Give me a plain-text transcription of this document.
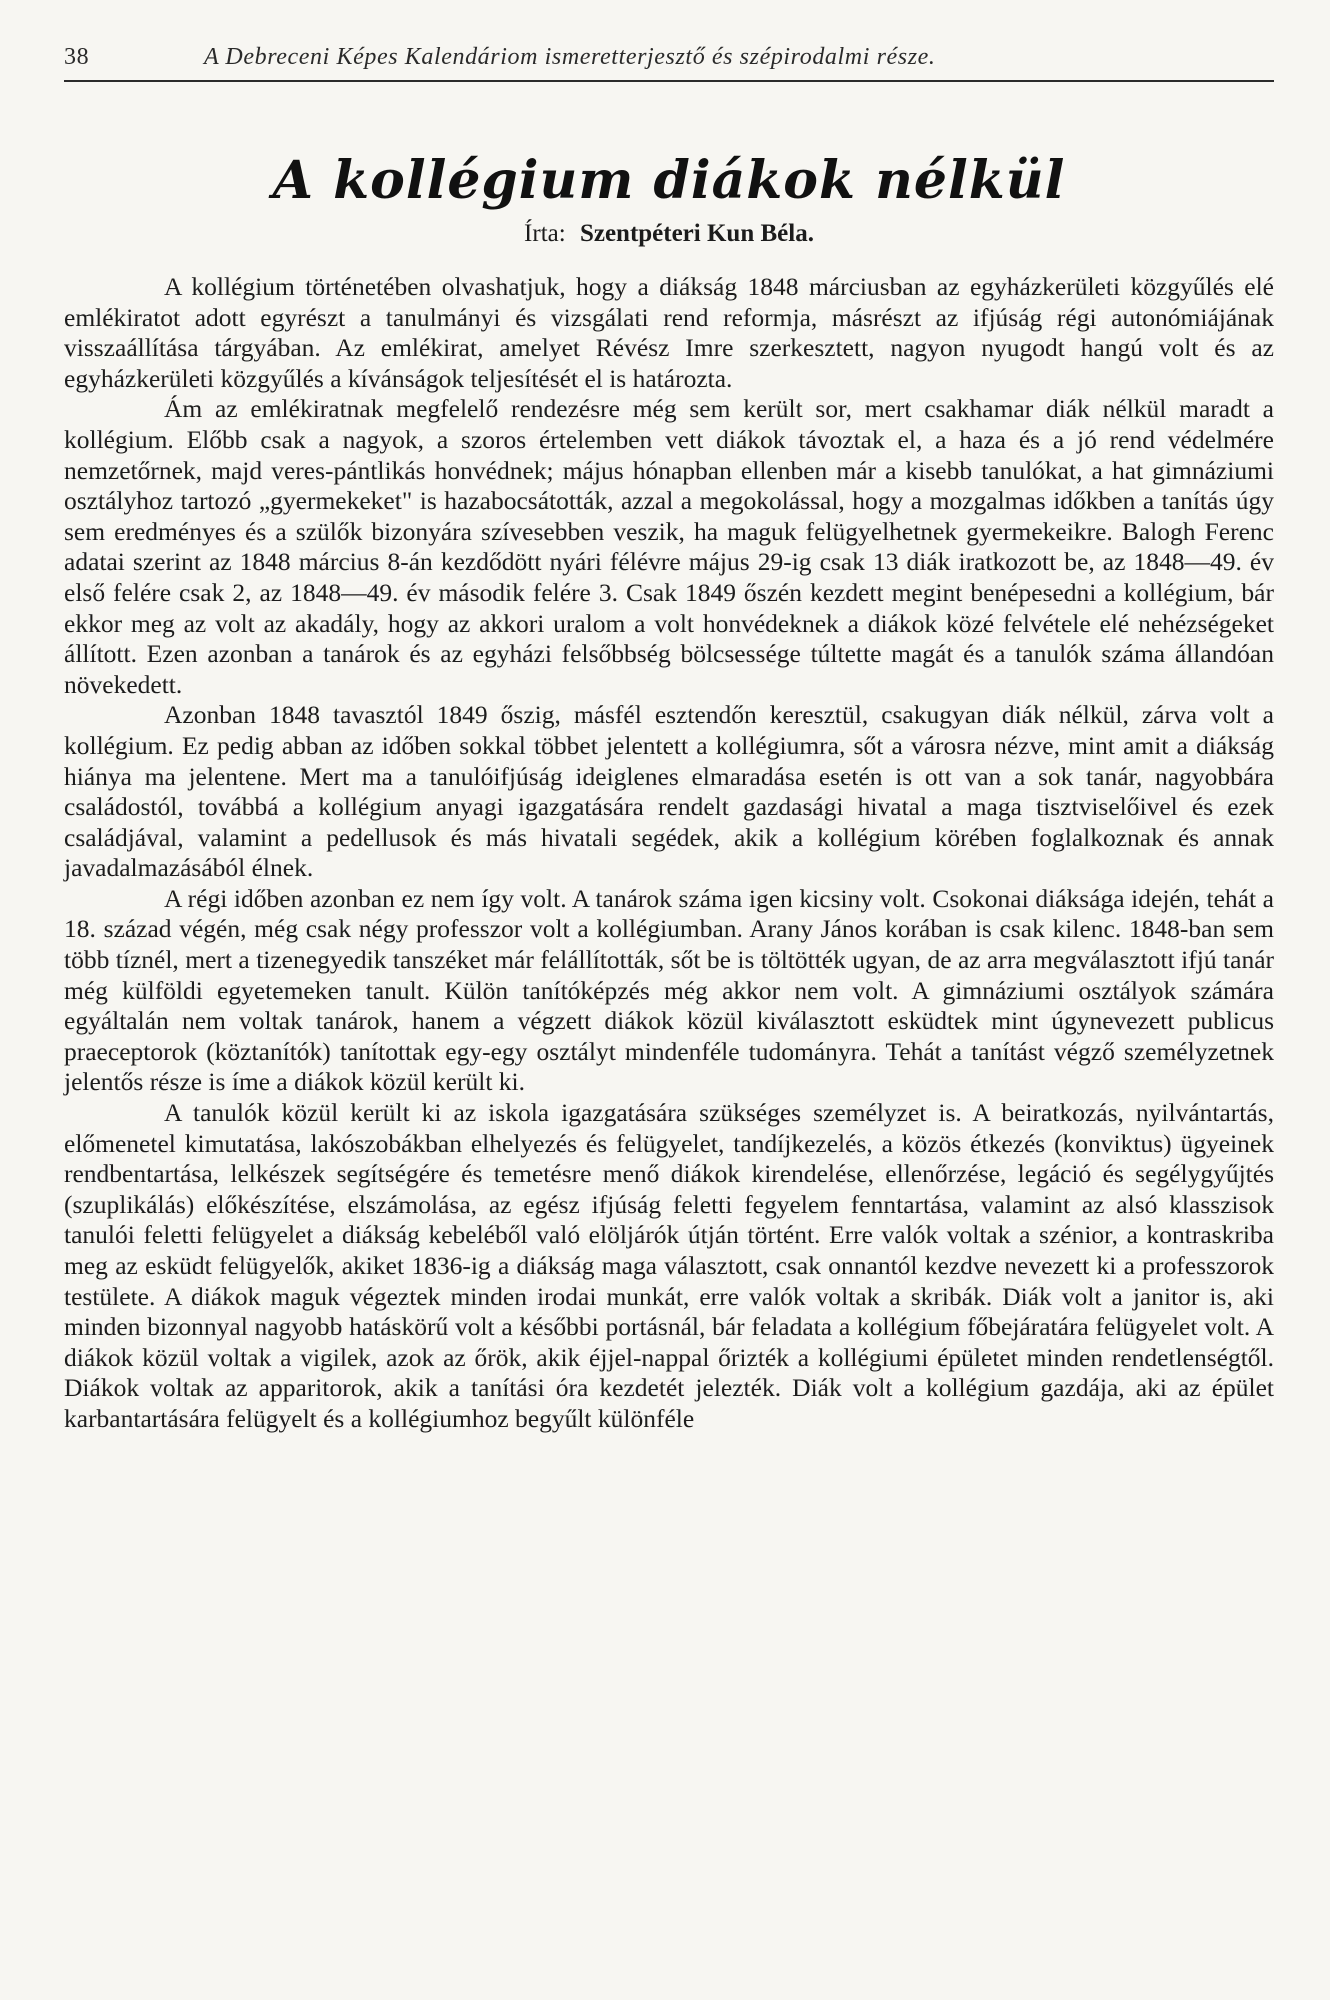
38	A Debreceni Képes Kalendáriom ismeretterjesztő és szépirodalmi része.
A kollégium diákok nélkül
Írta: Szentpéteri Kun Béla.

A kollégium történetében olvashatjuk, hogy a diákság 1848 márciusban az egyházkerületi közgyűlés elé emlékiratot adott egyrészt a tanulmányi és vizsgálati rend reformja, másrészt az ifjúság régi autonómiájának visszaállítása tárgyában. Az emlékirat, amelyet Révész Imre szerkesztett, nagyon nyugodt hangú volt és az egyházkerületi közgyűlés a kívánságok teljesítését el is határozta.

Ám az emlékiratnak megfelelő rendezésre még sem került sor, mert csakhamar diák nélkül maradt a kollégium. Előbb csak a nagyok, a szoros értelemben vett diákok távoztak el, a haza és a jó rend védelmére nemzetőrnek, majd veres-pántlikás honvédnek; május hónapban ellenben már a kisebb tanulókat, a hat gimnáziumi osztályhoz tartozó „gyermekeket" is hazabocsátották, azzal a megokolással, hogy a mozgalmas időkben a tanítás úgy sem eredményes és a szülők bizonyára szívesebben veszik, ha maguk felügyelhetnek gyermekeikre. Balogh Ferenc adatai szerint az 1848 március 8-án kezdődött nyári félévre május 29-ig csak 13 diák iratkozott be, az 1848—49. év első felére csak 2, az 1848—49. év második felére 3. Csak 1849 őszén kezdett megint benépesedni a kollégium, bár ekkor meg az volt az akadály, hogy az akkori uralom a volt honvédeknek a diákok közé felvétele elé nehézségeket állított. Ezen azonban a tanárok és az egyházi felsőbbség bölcsessége túltette magát és a tanulók száma állandóan növekedett.

Azonban 1848 tavasztól 1849 őszig, másfél esztendőn keresztül, csakugyan diák nélkül, zárva volt a kollégium. Ez pedig abban az időben sokkal többet jelentett a kollégiumra, sőt a városra nézve, mint amit a diákság hiánya ma jelentene. Mert ma a tanulóifjúság ideiglenes elmaradása esetén is ott van a sok tanár, nagyobbára családostól, továbbá a kollégium anyagi igazgatására rendelt gazdasági hivatal a maga tisztviselőivel és ezek családjával, valamint a pedellusok és más hivatali segédek, akik a kollégium körében foglalkoznak és annak javadalmazásából élnek.

A régi időben azonban ez nem így volt. A tanárok száma igen kicsiny volt. Csokonai diáksága idején, tehát a 18. század végén, még csak négy professzor volt a kollégiumban. Arany János korában is csak kilenc. 1848-ban sem több tíznél, mert a tizenegyedik tanszéket már felállították, sőt be is töltötték ugyan, de az arra megválasztott ifjú tanár még külföldi egyetemeken tanult. Külön tanítóképzés még akkor nem volt. A gimnáziumi osztályok számára egyáltalán nem voltak tanárok, hanem a végzett diákok közül kiválasztott esküdtek mint úgynevezett publicus praeceptorok (köztanítók) tanítottak egy-egy osztályt mindenféle tudományra. Tehát a tanítást végző személyzetnek jelentős része is íme a diákok közül került ki.

A tanulók közül került ki az iskola igazgatására szükséges személyzet is. A beiratkozás, nyilvántartás, előmenetel kimutatása, lakószobákban elhelyezés és felügyelet, tandíjkezelés, a közös étkezés (konviktus) ügyeinek rendbentartása, lelkészek segítségére és temetésre menő diákok kirendelése, ellenőrzése, legáció és segélygyűjtés (szuplikálás) előkészítése, elszámolása, az egész ifjúság feletti fegyelem fenntartása, valamint az alsó klasszisok tanulói feletti felügyelet a diákság kebeléből való elöljárók útján történt. Erre valók voltak a szénior, a kontraskriba meg az esküdt felügyelők, akiket 1836-ig a diákság maga választott, csak onnantól kezdve nevezett ki a professzorok testülete. A diákok maguk végeztek minden irodai munkát, erre valók voltak a skribák. Diák volt a janitor is, aki minden bizonnyal nagyobb hatáskörű volt a későbbi portásnál, bár feladata a kollégium főbejáratára felügyelet volt. A diákok közül voltak a vigilek, azok az őrök, akik éjjel-nappal őrizték a kollégiumi épületet minden rendetlenségtől. Diákok voltak az apparitorok, akik a tanítási óra kezdetét jelezték. Diák volt a kollégium gazdája, aki az épület karbantartására felügyelt és a kollégiumhoz begyűlt különféle
